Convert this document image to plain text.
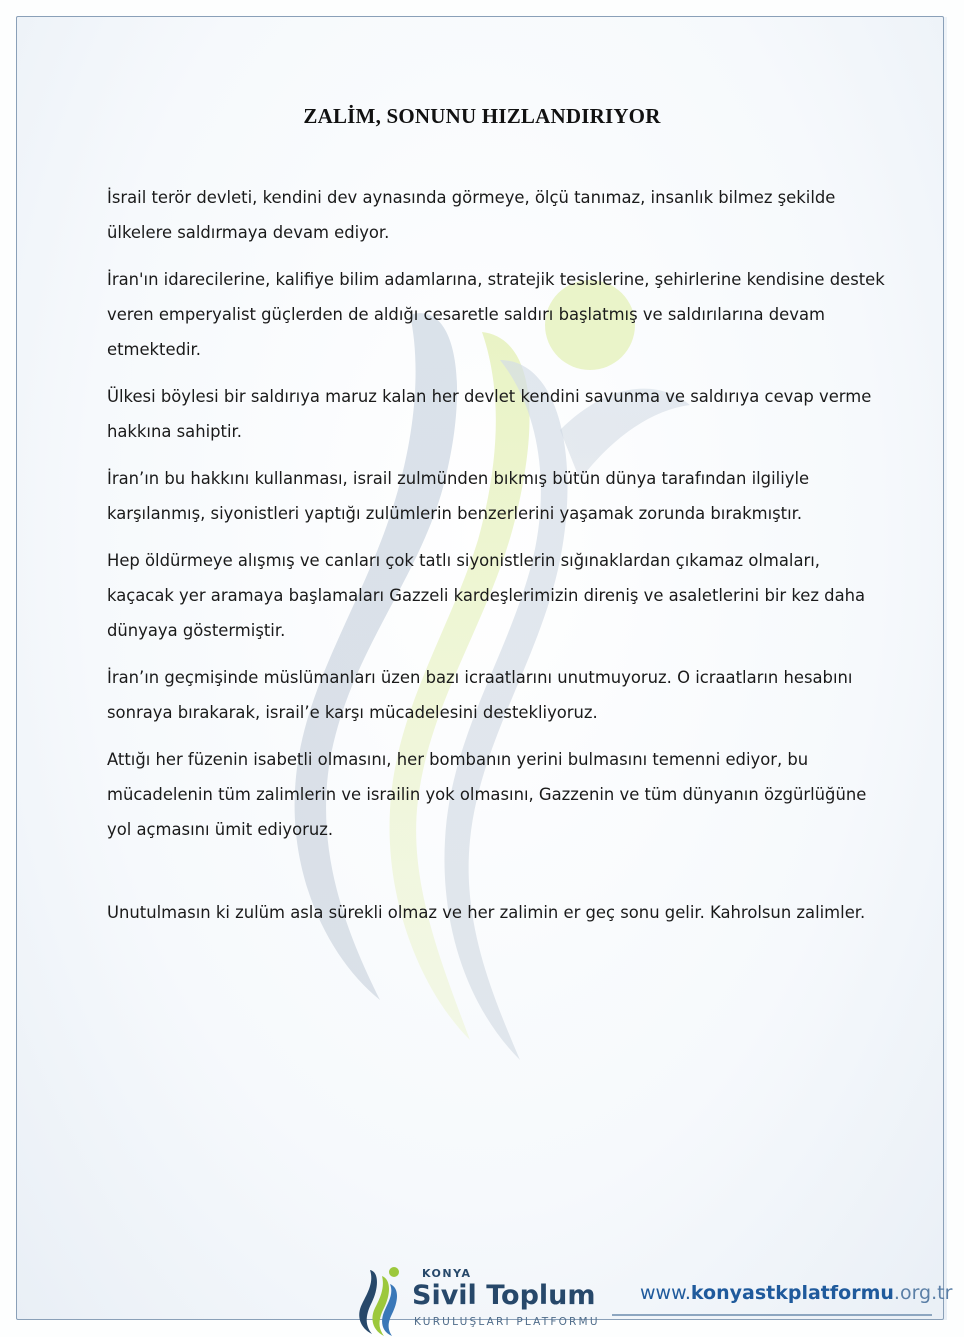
ZALİM, SONUNU HIZLANDIRIYOR

İsrail terör devleti, kendini dev aynasında görmeye, ölçü tanımaz, insanlık bilmez şekilde ülkelere saldırmaya devam ediyor.

İran'ın idarecilerine, kalifiye bilim adamlarına, stratejik tesislerine, şehirlerine kendisine destek veren emperyalist güçlerden de aldığı cesaretle saldırı başlatmış ve saldırılarına devam etmektedir.

Ülkesi böylesi bir saldırıya maruz kalan her devlet kendini savunma ve saldırıya cevap verme hakkına sahiptir.

İran’ın bu hakkını kullanması, israil zulmünden bıkmış bütün dünya tarafından ilgiliyle karşılanmış, siyonistleri yaptığı zulümlerin benzerlerini yaşamak zorunda bırakmıştır.

Hep öldürmeye alışmış ve canları çok tatlı siyonistlerin sığınaklardan çıkamaz olmaları, kaçacak yer aramaya başlamaları Gazzeli kardeşlerimizin direniş ve asaletlerini bir kez daha dünyaya göstermiştir.

İran’ın geçmişinde müslümanları üzen bazı icraatlarını unutmuyoruz. O icraatların hesabını sonraya bırakarak, israil’e karşı mücadelesini destekliyoruz.

Attığı her füzenin isabetli olmasını, her bombanın yerini bulmasını temenni ediyor, bu mücadelenin tüm zalimlerin ve israilin yok olmasını, Gazzenin ve tüm dünyanın özgürlüğüne yol açmasını ümit ediyoruz.

Unutulmasın ki zulüm asla sürekli olmaz ve her zalimin er geç sonu gelir. Kahrolsun zalimler.

KONYA
Sivil Toplum
KURULUŞLARI PLATFORMU
www.konyastkplatformu.org.tr
